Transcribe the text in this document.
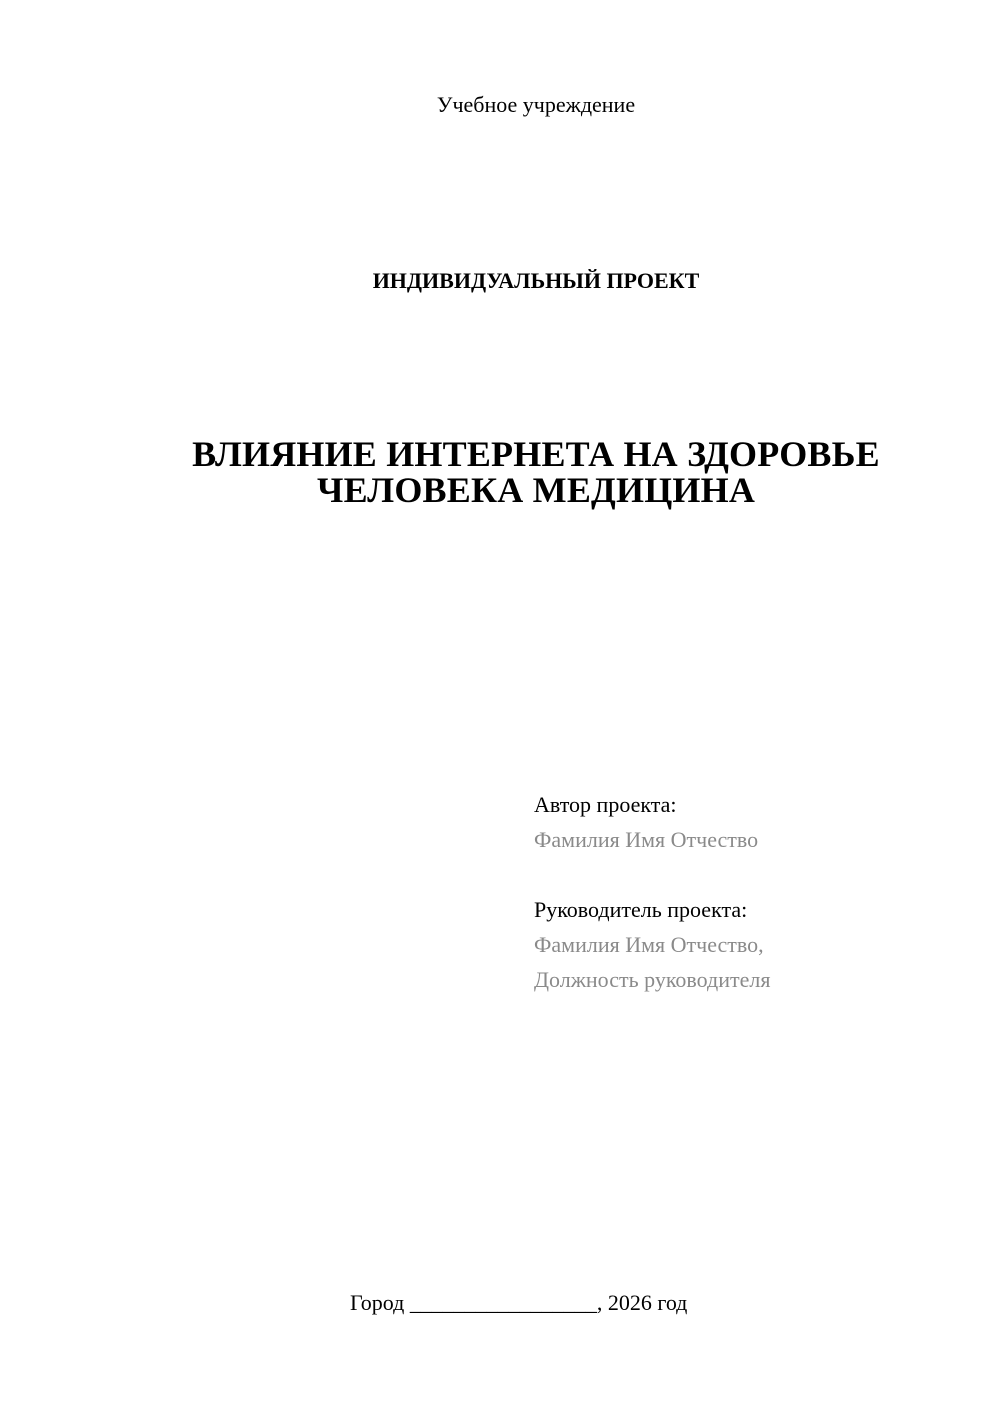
Учебное учреждение
ИНДИВИДУАЛЬНЫЙ ПРОЕКТ
ВЛИЯНИЕ ИНТЕРНЕТА НА ЗДОРОВЬЕ
ЧЕЛОВЕКА МЕДИЦИНА
Автор проекта:
Фамилия Имя Отчество
Руководитель проекта:
Фамилия Имя Отчество,
Должность руководителя
Город _________________, 2026 год
